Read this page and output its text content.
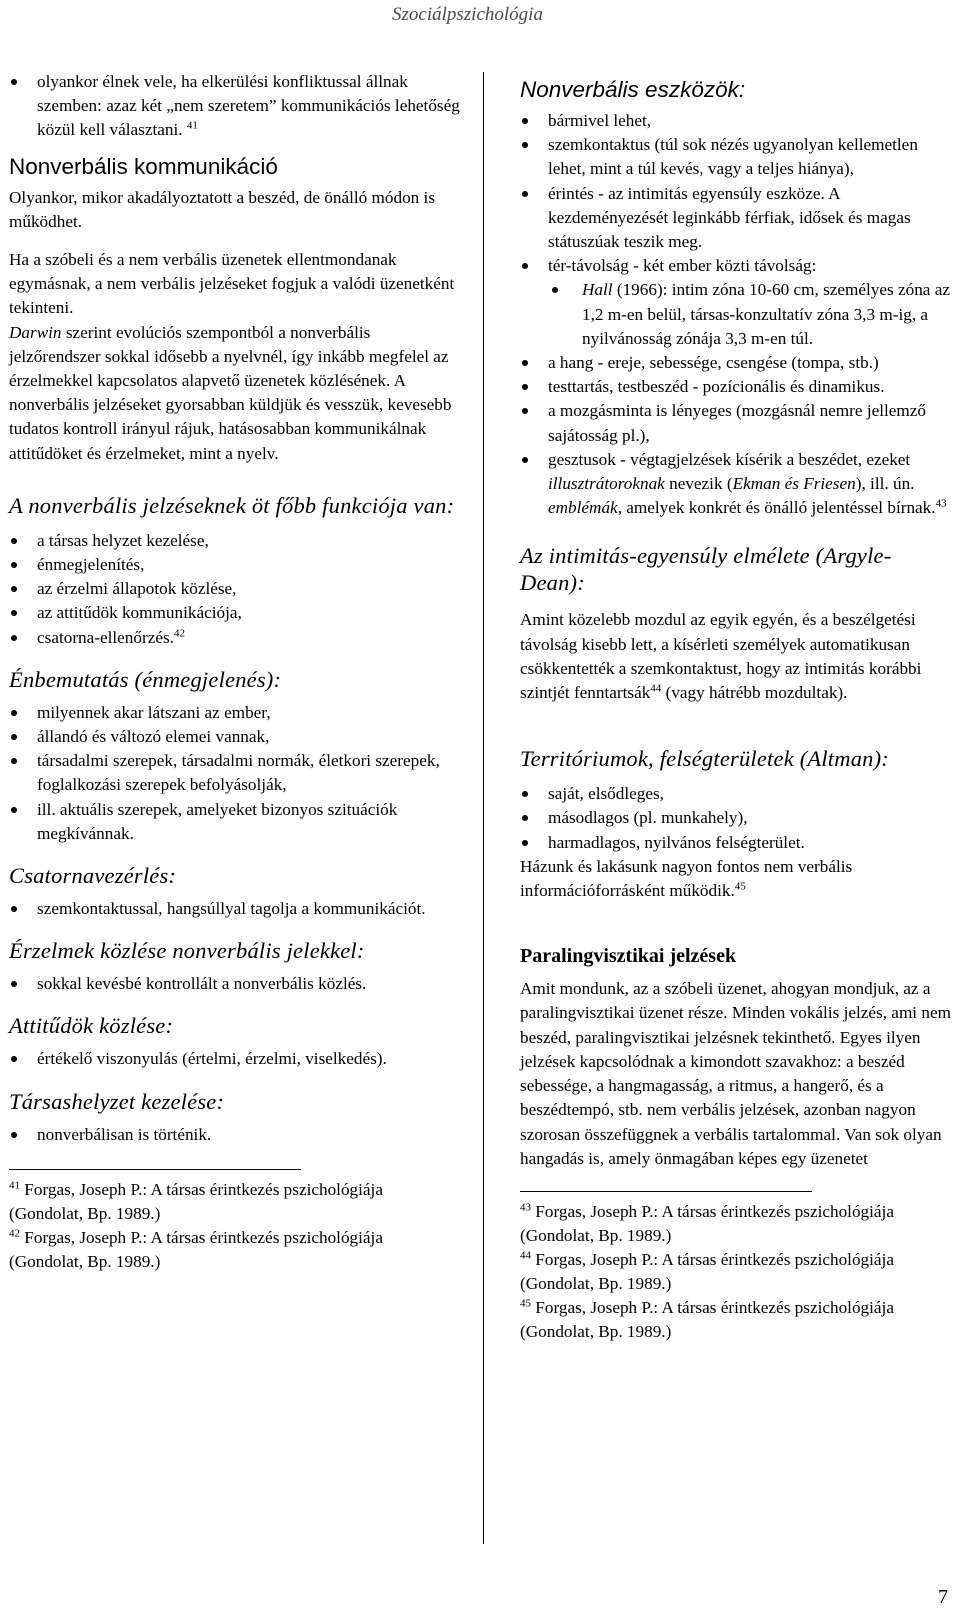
Szociálpszichológia
olyankor élnek vele, ha elkerülési konfliktussal állnak szemben: azaz két „nem szeretem” kommunikációs lehetőség közül kell választani. $^{41}$
Nonverbális kommunikáció

Olyankor, mikor akadályoztatott a beszéd, de önálló módon is működhet.

Ha a szóbeli és a nem verbális üzenetek ellentmondanak egymásnak, a nem verbális jelzéseket fogjuk a valódi üzenetként tekinteni.

Darwin szerint evolúciós szempontból a nonverbális jelzőrendszer sokkal idősebb a nyelvnél, így inkább megfelel az érzelmekkel kapcsolatos alapvető üzenetek közlésének. A nonverbális jelzéseket gyorsabban küldjük és vesszük, kevesebb tudatos kontroll irányul rájuk, hatásosabban kommunikálnak attitűdöket és érzelmeket, mint a nyelv.

A nonverbális jelzéseknek öt főbb funkciója van:
a társas helyzet kezelése,
énmegjelenítés,
az érzelmi állapotok közlése,
az attitűdök kommunikációja,
csatorna-ellenőrzés.$^{42}$
Énbemutatás (énmegjelenés):
milyennek akar látszani az ember,
állandó és változó elemei vannak,
társadalmi szerepek, társadalmi normák, életkori szerepek, foglalkozási szerepek befolyásolják,
ill. aktuális szerepek, amelyeket bizonyos szituációk megkívánnak.
Csatornavezérlés:
szemkontaktussal, hangsúllyal tagolja a kommunikációt.
Érzelmek közlése nonverbális jelekkel:
sokkal kevésbé kontrollált a nonverbális közlés.
Attitűdök közlése:
értékelő viszonyulás (értelmi, érzelmi, viselkedés).
Társashelyzet kezelése:
nonverbálisan is történik.
$^{41}$ Forgas, Joseph P.: A társas érintkezés pszichológiája (Gondolat, Bp. 1989.)
$^{42}$ Forgas, Joseph P.: A társas érintkezés pszichológiája (Gondolat, Bp. 1989.)
Nonverbális eszközök:
bármivel lehet,
szemkontaktus (túl sok nézés ugyanolyan kellemetlen lehet, mint a túl kevés, vagy a teljes hiánya),
érintés - az intimitás egyensúly eszköze. A kezdeményezését leginkább férfiak, idősek és magas státuszúak teszik meg.
tér-távolság - két ember közti távolság:
Hall (1966): intim zóna 10-60 cm, személyes zóna az 1,2 m-en belül, társas-konzultatív zóna 3,3 m-ig, a nyilvánosság zónája 3,3 m-en túl.
a hang - ereje, sebessége, csengése (tompa, stb.)
testtartás, testbeszéd - pozícionális és dinamikus.
a mozgásminta is lényeges (mozgásnál nemre jellemző sajátosság pl.),
gesztusok - végtagjelzések kísérik a beszédet, ezeket illusztrátoroknak nevezik (Ekman és Friesen), ill. ún. emblémák, amelyek konkrét és önálló jelentéssel bírnak.$^{43}$
Az intimitás-egyensúly elmélete (Argyle-Dean):

Amint közelebb mozdul az egyik egyén, és a beszélgetési távolság kisebb lett, a kísérleti személyek automatikusan csökkentették a szemkontaktust, hogy az intimitás korábbi szintjét fenntartsák$^{44}$ (vagy hátrébb mozdultak).

Territóriumok, felségterületek (Altman):
saját, elsődleges,
másodlagos (pl. munkahely),
harmadlagos, nyilvános felségterület.

Házunk és lakásunk nagyon fontos nem verbális információforrásként működik.$^{45}$

Paralingvisztikai jelzések

Amit mondunk, az a szóbeli üzenet, ahogyan mondjuk, az a paralingvisztikai üzenet része. Minden vokális jelzés, ami nem beszéd, paralingvisztikai jelzésnek tekinthető. Egyes ilyen jelzések kapcsolódnak a kimondott szavakhoz: a beszéd sebessége, a hangmagasság, a ritmus, a hangerő, és a beszédtempó, stb. nem verbális jelzések, azonban nagyon szorosan összefüggnek a verbális tartalommal. Van sok olyan hangadás is, amely önmagában képes egy üzenetet

$^{43}$ Forgas, Joseph P.: A társas érintkezés pszichológiája (Gondolat, Bp. 1989.)
$^{44}$ Forgas, Joseph P.: A társas érintkezés pszichológiája (Gondolat, Bp. 1989.)
$^{45}$ Forgas, Joseph P.: A társas érintkezés pszichológiája (Gondolat, Bp. 1989.)
7
